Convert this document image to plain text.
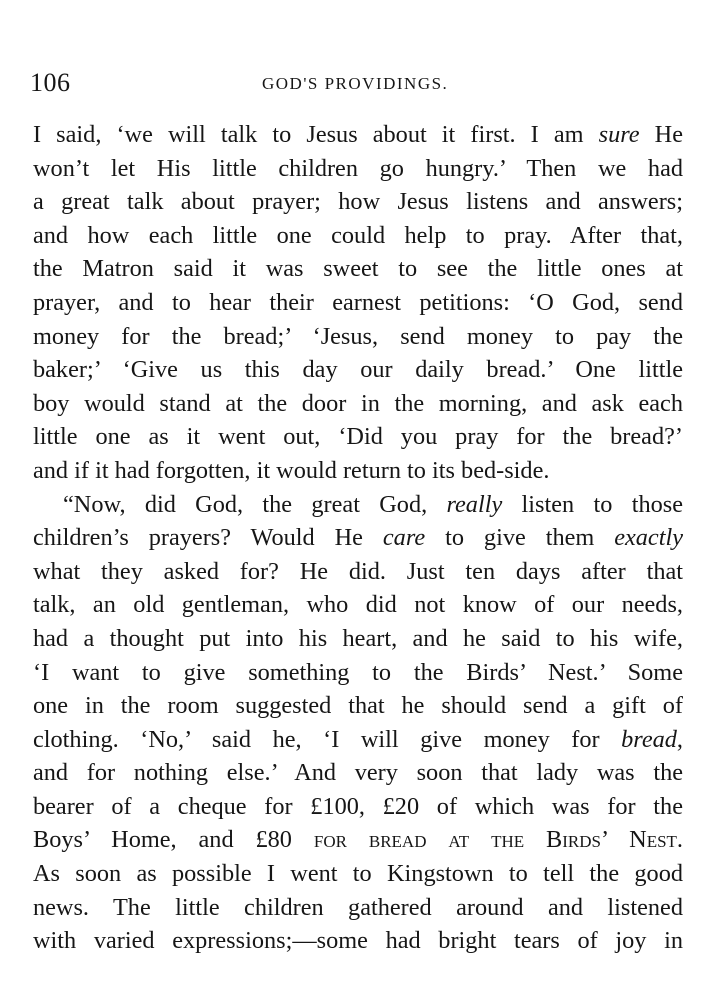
106	GOD'S PROVIDINGS.
I said, ‘we will talk to Jesus about it first. I am sure He
won’t let His little children go hungry.’ Then we had
a great talk about prayer; how Jesus listens and answers;
and how each little one could help to pray. After that,
the Matron said it was sweet to see the little ones at
prayer, and to hear their earnest petitions: ‘O God, send
money for the bread;’ ‘Jesus, send money to pay the
baker;’ ‘Give us this day our daily bread.’ One little
boy would stand at the door in the morning, and ask each
little one as it went out, ‘Did you pray for the bread?’
and if it had forgotten, it would return to its bed-side.
“Now, did God, the great God, really listen to those
children’s prayers? Would He care to give them exactly
what they asked for? He did. Just ten days after that
talk, an old gentleman, who did not know of our needs,
had a thought put into his heart, and he said to his wife,
‘I want to give something to the Birds’ Nest.’ Some
one in the room suggested that he should send a gift of
clothing. ‘No,’ said he, ‘I will give money for bread,
and for nothing else.’ And very soon that lady was the
bearer of a cheque for £100, £20 of which was for the
Boys’ Home, and £80 for bread at the Birds’ Nest.
As soon as possible I went to Kingstown to tell the good
news. The little children gathered around and listened
with varied expressions;—some had bright tears of joy in
